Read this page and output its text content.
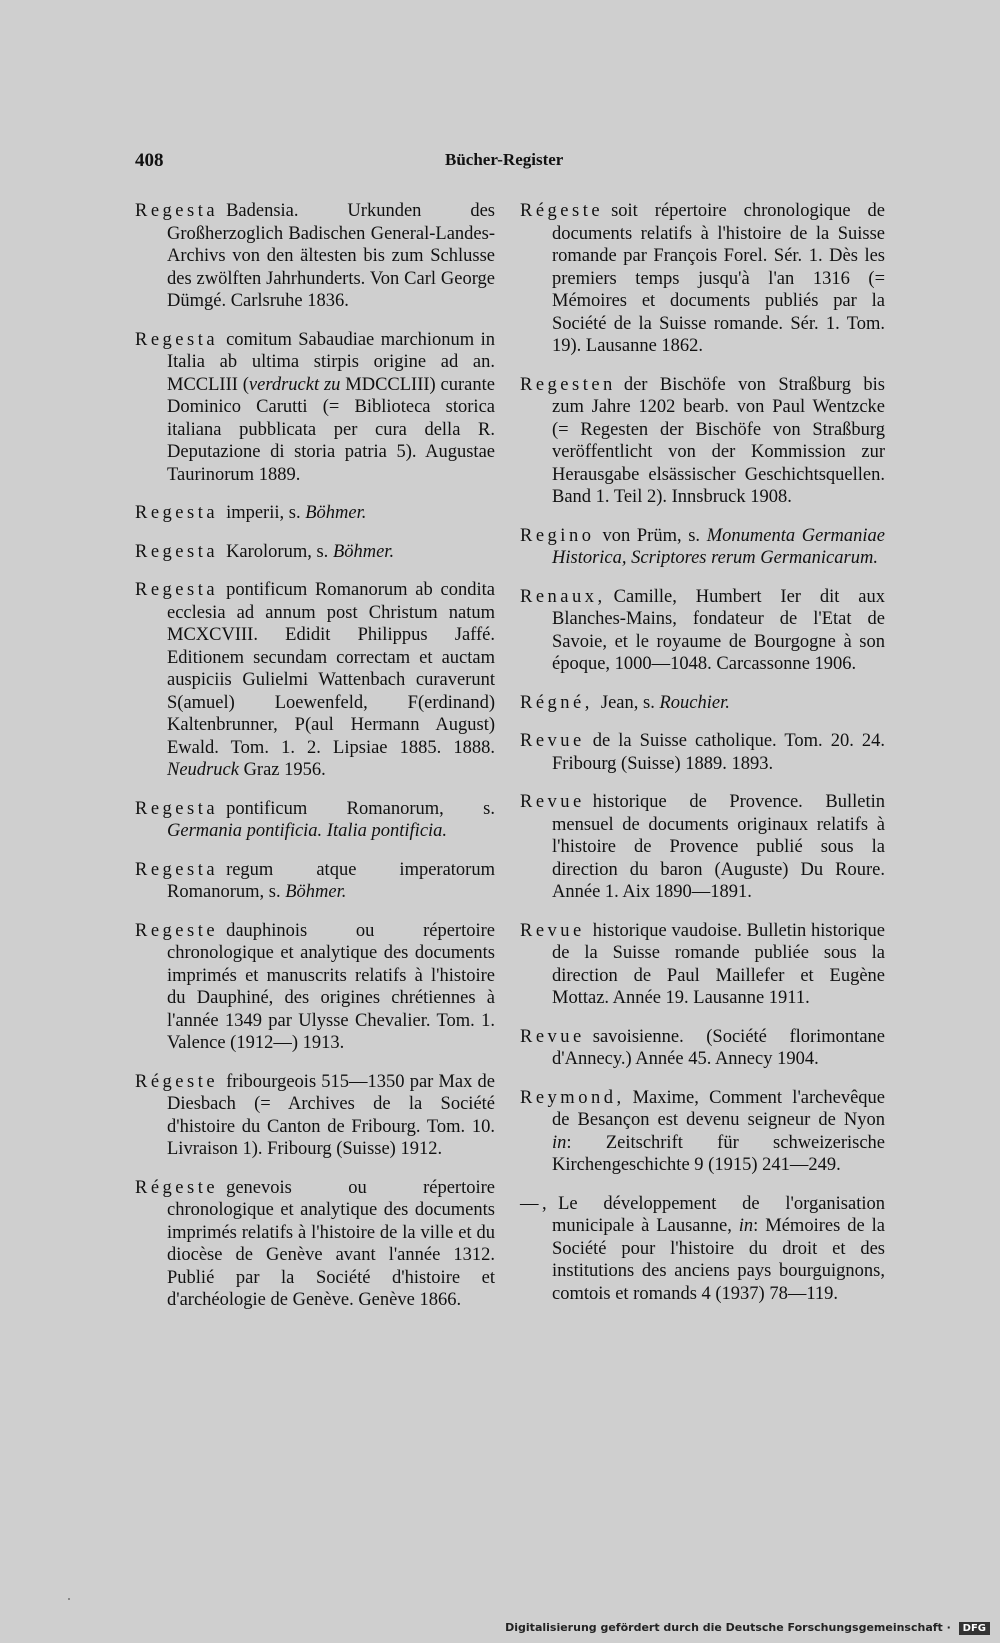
408	Bücher-Register
Regesta Badensia. Urkunden des Großherzoglich Badischen General-Landes-Archivs von den ältesten bis zum Schlusse des zwölften Jahrhunderts. Von Carl George Dümgé. Carlsruhe 1836.
Regesta comitum Sabaudiae marchionum in Italia ab ultima stirpis origine ad an. MCCLIII (verdruckt zu MDCCLIII) curante Dominico Carutti (= Biblioteca storica italiana pubblicata per cura della R. Deputazione di storia patria 5). Augustae Taurinorum 1889.
Regesta imperii, s. Böhmer.
Regesta Karolorum, s. Böhmer.
Regesta pontificum Romanorum ab condita ecclesia ad annum post Christum natum MCXCVIII. Edidit Philippus Jaffé. Editionem secundam correctam et auctam auspiciis Gulielmi Wattenbach curaverunt S(amuel) Loewenfeld, F(erdinand) Kaltenbrunner, P(aul Hermann August) Ewald. Tom. 1. 2. Lipsiae 1885. 1888. Neudruck Graz 1956.
Regesta pontificum Romanorum, s. Germania pontificia. Italia pontificia.
Regesta regum atque imperatorum Romanorum, s. Böhmer.
Regeste dauphinois ou répertoire chronologique et analytique des documents imprimés et manuscrits relatifs à l'histoire du Dauphiné, des origines chrétiennes à l'année 1349 par Ulysse Chevalier. Tom. 1. Valence (1912—) 1913.
Régeste fribourgeois 515—1350 par Max de Diesbach (= Archives de la Société d'histoire du Canton de Fribourg. Tom. 10. Livraison 1). Fribourg (Suisse) 1912.
Régeste genevois ou répertoire chronologique et analytique des documents imprimés relatifs à l'histoire de la ville et du diocèse de Genève avant l'année 1312. Publié par la Société d'histoire et d'archéologie de Genève. Genève 1866.
Régeste soit répertoire chronologique de documents relatifs à l'histoire de la Suisse romande par François Forel. Sér. 1. Dès les premiers temps jusqu'à l'an 1316 (= Mémoires et documents publiés par la Société de la Suisse romande. Sér. 1. Tom. 19). Lausanne 1862.
Regesten der Bischöfe von Straßburg bis zum Jahre 1202 bearb. von Paul Wentzcke (= Regesten der Bischöfe von Straßburg veröffentlicht von der Kommission zur Herausgabe elsässischer Geschichtsquellen. Band 1. Teil 2). Innsbruck 1908.
Regino von Prüm, s. Monumenta Germaniae Historica, Scriptores rerum Germanicarum.
Renaux, Camille, Humbert Ier dit aux Blanches-Mains, fondateur de l'Etat de Savoie, et le royaume de Bourgogne à son époque, 1000—1048. Carcassonne 1906.
Régné, Jean, s. Rouchier.
Revue de la Suisse catholique. Tom. 20. 24. Fribourg (Suisse) 1889. 1893.
Revue historique de Provence. Bulletin mensuel de documents originaux relatifs à l'histoire de Provence publié sous la direction du baron (Auguste) Du Roure. Année 1. Aix 1890—1891.
Revue historique vaudoise. Bulletin historique de la Suisse romande publiée sous la direction de Paul Maillefer et Eugène Mottaz. Année 19. Lausanne 1911.
Revue savoisienne. (Société florimontane d'Annecy.) Année 45. Annecy 1904.
Reymond, Maxime, Comment l'archevêque de Besançon est devenu seigneur de Nyon in: Zeitschrift für schweizerische Kirchengeschichte 9 (1915) 241—249.
—, Le développement de l'organisation municipale à Lausanne, in: Mémoires de la Société pour l'histoire du droit et des institutions des anciens pays bourguignons, comtois et romands 4 (1937) 78—119.
Digitalisierung gefördert durch die Deutsche Forschungsgemeinschaft · DFG
